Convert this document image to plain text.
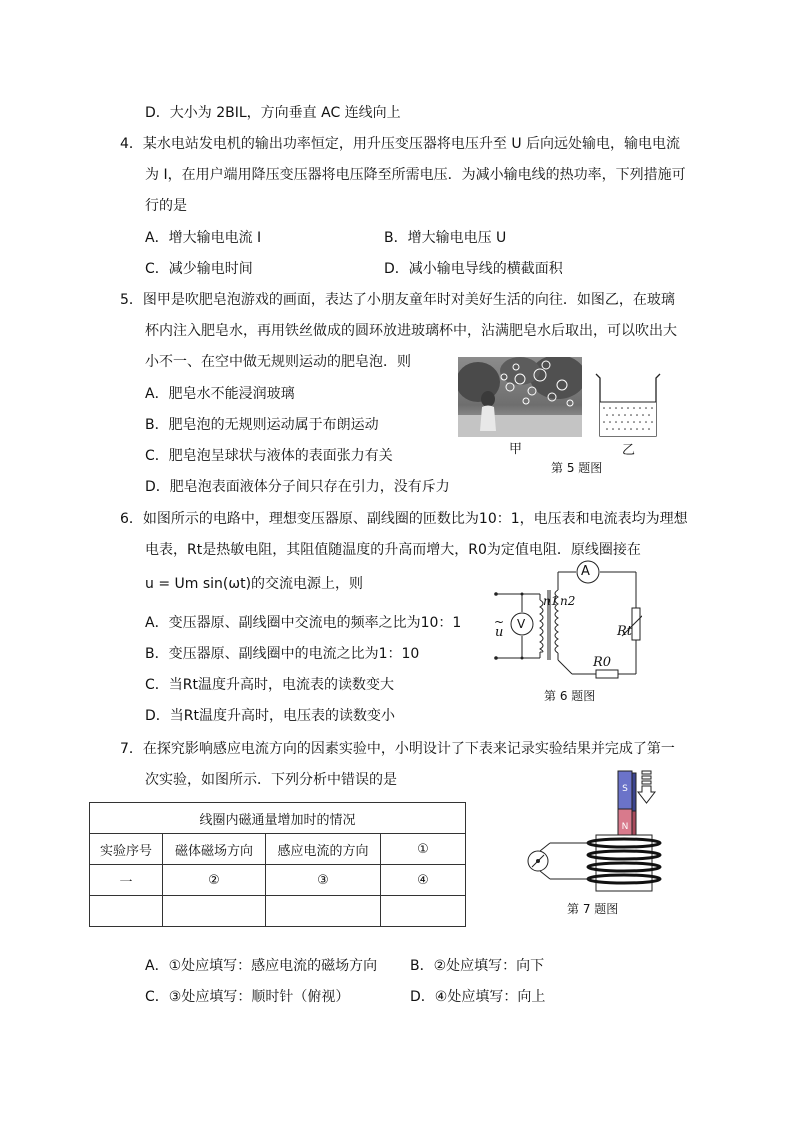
D．大小为 2BIL，方向垂直 AC 连线向上
4．某水电站发电机的输出功率恒定，用升压变压器将电压升至 U 后向远处输电，输电电流
为 I，在用户端用降压变压器将电压降至所需电压．为减小输电线的热功率，下列措施可
行的是
A．增大输电电流 I	B．增大输电电压 U
C．减少输电时间	D．减小输电导线的横截面积
5．图甲是吹肥皂泡游戏的画面，表达了小朋友童年时对美好生活的向往．如图乙，在玻璃
杯内注入肥皂水，再用铁丝做成的圆环放进玻璃杯中，沾满肥皂水后取出，可以吹出大
小不一、在空中做无规则运动的肥皂泡．则
A．肥皂水不能浸润玻璃
B．肥皂泡的无规则运动属于布朗运动
C．肥皂泡呈球状与液体的表面张力有关
D．肥皂泡表面液体分子间只存在引力，没有斥力
甲	乙
第 5 题图
6．如图所示的电路中，理想变压器原、副线圈的匝数比为10：1，电压表和电流表均为理想
电表，Rt是热敏电阻，其阻值随温度的升高而增大，R0为定值电阻．原线圈接在
u = Um sin(ωt)的交流电源上，则
A．变压器原、副线圈中交流电的频率之比为10：1
B．变压器原、副线圈中的电流之比为1：10
C．当Rt温度升高时，电流表的读数变大
D．当Rt温度升高时，电压表的读数变小
A
V
n1 n2
Rt
R0
~
u
第 6 题图
7．在探究影响感应电流方向的因素实验中，小明设计了下表来记录实验结果并完成了第一
次实验，如图所示．下列分析中错误的是
线圈内磁通量增加时的情况			
实验序号	磁体磁场方向	感应电流的方向	①
一	②	③	④

S
N
第 7 题图
A．①处应填写：感应电流的磁场方向 B．②处应填写：向下
C．③处应填写：顺时针（俯视）	D．④处应填写：向上
